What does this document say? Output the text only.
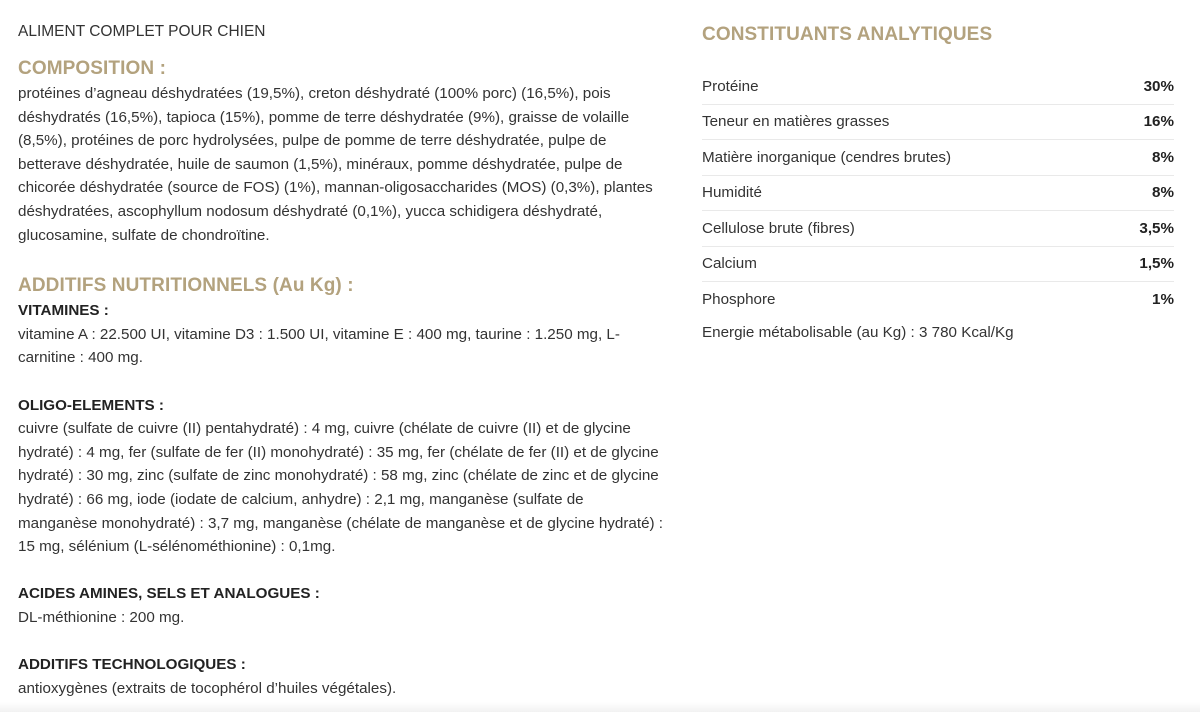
ALIMENT COMPLET POUR CHIEN

COMPOSITION :

protéines d’agneau déshydratées (19,5%), creton déshydraté (100% porc) (16,5%), pois

déshydratés (16,5%), tapioca (15%), pomme de terre déshydratée (9%), graisse de volaille

(8,5%), protéines de porc hydrolysées, pulpe de pomme de terre déshydratée, pulpe de

betterave déshydratée, huile de saumon (1,5%), minéraux, pomme déshydratée, pulpe de

chicorée déshydratée (source de FOS) (1%), mannan-oligosaccharides (MOS) (0,3%), plantes

déshydratées, ascophyllum nodosum déshydraté (0,1%), yucca schidigera déshydraté,

glucosamine, sulfate de chondroïtine.

ADDITIFS NUTRITIONNELS (Au Kg) :

VITAMINES :

vitamine A : 22.500 UI, vitamine D3 : 1.500 UI, vitamine E : 400 mg, taurine : 1.250 mg, L-

carnitine : 400 mg.

OLIGO-ELEMENTS :

cuivre (sulfate de cuivre (II) pentahydraté) : 4 mg, cuivre (chélate de cuivre (II) et de glycine

hydraté) : 4 mg, fer (sulfate de fer (II) monohydraté) : 35 mg, fer (chélate de fer (II) et de glycine

hydraté) : 30 mg, zinc (sulfate de zinc monohydraté) : 58 mg, zinc (chélate de zinc et de glycine

hydraté) : 66 mg, iode (iodate de calcium, anhydre) : 2,1 mg, manganèse (sulfate de

manganèse monohydraté) : 3,7 mg, manganèse (chélate de manganèse et de glycine hydraté) :

15 mg, sélénium (L-sélénométhionine) : 0,1mg.

ACIDES AMINES, SELS ET ANALOGUES :

DL-méthionine : 200 mg.

ADDITIFS TECHNOLOGIQUES :

antioxygènes (extraits de tocophérol d’huiles végétales).

CONSTITUANTS ANALYTIQUES
Protéine	30%
Teneur en matières grasses	16%
Matière inorganique (cendres brutes)	8%
Humidité	8%
Cellulose brute (fibres)	3,5%
Calcium	1,5%
Phosphore	1%

Energie métabolisable (au Kg) : 3 780 Kcal/Kg
